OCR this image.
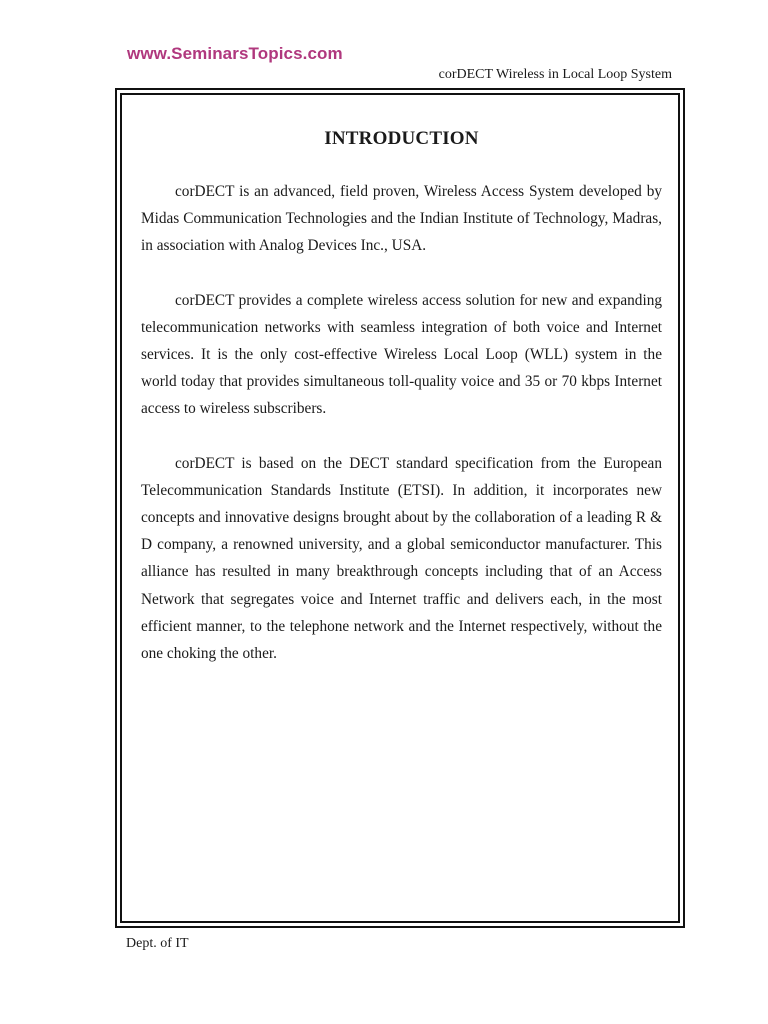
www.SeminarsTopics.com
corDECT Wireless in Local Loop System
INTRODUCTION

corDECT is an advanced, field proven, Wireless Access System developed by Midas Communication Technologies and the Indian Institute of Technology, Madras, in association with Analog Devices Inc., USA.

corDECT provides a complete wireless access solution for new and expanding telecommunication networks with seamless integration of both voice and Internet services. It is the only cost-effective Wireless Local Loop (WLL) system in the world today that provides simultaneous toll-quality voice and 35 or 70 kbps Internet access to wireless subscribers.

corDECT is based on the DECT standard specification from the European Telecommunication Standards Institute (ETSI). In addition, it incorporates new concepts and innovative designs brought about by the collaboration of a leading R & D company, a renowned university, and a global semiconductor manufacturer. This alliance has resulted in many breakthrough concepts including that of an Access Network that segregates voice and Internet traffic and delivers each, in the most efficient manner, to the telephone network and the Internet respectively, without the one choking the other.

Dept. of IT
